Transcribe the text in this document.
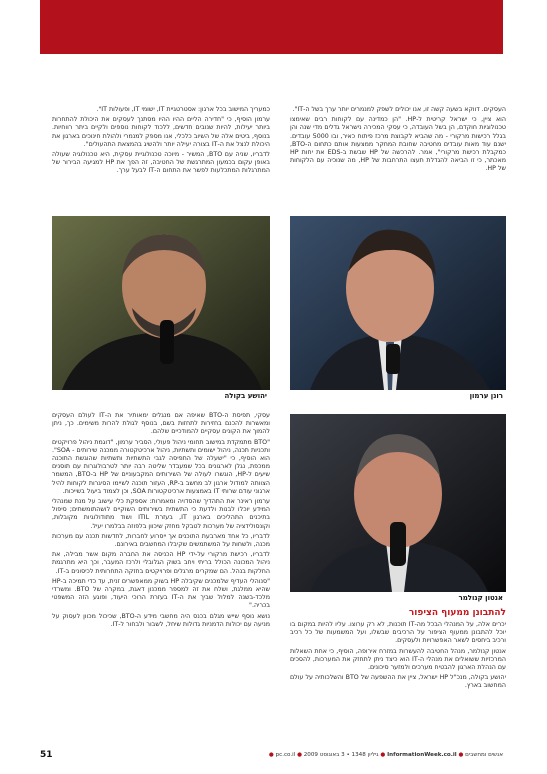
העסקים. דווקא בשעה קשה זו, אנו יכולים לשפק למנמרים יותר ערך בשל ה-IT".

הוא ציין, כי ישראל קריטית ל-HP. "הן כמדינה עם לקוחות רבים שאימצו טכנולוגיות חוקדם, הן בשל העובדה, כי עסקי המכירה נישראל גדלים מדי שנה והן בגלל רכישות מרקורי - מה שהביא לקבוצת מרכז פיתוח כאיר, ובו 5000 עובדים. ישנם עוד מאות עובדים מחטיבה שחובת המחקר ממצעות אותם כתחום ה-BTO, כמקבלת רכישת מרקורי", אמר. להרכשה של HP שבשת ב-EDS את יחות HP מאכתר, כי זו הביאה להגדלת תעצו התרחבות של HP, מה שנוכיה עם הלקוחות של HP.

כמעריך המישוב בכל ארגון: אסטרטגיית IT, ישומי IT, ופעולות IT".

ערמון הוסיף, כי "חדירה הליים ההיו ההיו מסתנך לעסקים את היכולת להתחרות ביותר יעילות, להיות שנובים חדשים, ללכוד לקוחות נוספים ולקיים ביתר רווחיות. בנוסף, ביטים אלה של השיוב כלכלי, אנו מספק למנמרי ולהולת חינוכים בארגון את היכולת לנצל את ה-IT בצורה יעילה יותר ולהשיג בהמצאת התהעולים".

לדבריו, שניה עם BTO, המשיר - מיוכה טכנולוגיית עסקית, היא טכנולוגיה שעולה באופן עקום בכמעון המתרגשת של החטיבה, זה הפך את HP למגיעה הבירור של המתרגלות המתכלעות לפשר את התחום ה-IT לבעל ערך.

רונן ערמון
יהושע בקולה

עסקי, תפיסת ה-BTO שאיפה אם מנגלים ימאותיר את ה-IT לעולם העסקים ומאשרות להכנם בחזירות לתחזות בשם, בנוסף לגולת להרות משימים. כך, ניתן להמוך את הקונים עסקיים להמודכיים שלהם.

"BTO מתמקדת במישוב תחומי ניהול פעולי, הסביר ערמון, "דוגמת ניהול פרויקטים ותכניות תכנה, ניהול ישומים ותשתיות, ניהול ארכיטקטורה ממכנה שירותים - SOA". הוא הוסיף, כי "ישעלה של התפיסה לגבי התשתיות ותשתיות שהוגשת התוכנה ממכפת, נגלן לארגונים בכל שמעבדר שליטה רבה יותר לטרבולוגרות עם תוסנים שיעים ל-HP, הוגשרו לעולה של השירותים המקבעוניים של HP ב-BTO, המשמר הצוותה למודול ארגון לב מחשב ב-RP, העזור תוכנה לשיימו הסיגרות לקוחות להיל ארגוני עודם שרותי IT באמצעות ארכיטקטורות SOA, וכן לצמוד ביעול בשייכות.

ערמון ראינר את התהדיך שהסדויה ומאמרות: אספקת כלי עישוב על מנת שמנהלי המידע יוכלו לבנות ולדעת כי התשתית בשירותים השוקיים לושהתומשתים; סיפול בתיכנים התהליכים בארגון IT, בעזרת ITIL ושוד מתודולוגיות מקובלות, וקונסולידציה של מערכות לטבקל מחזק שיכוון בלפוזה בבלמרו יעיל.

לדבריו, כל אחד מארבעת התוכנים אך ייסרוע לחברות, לחדשות תכנה עם מערכות מכנה, ולשחות על המשתמשים שקיבלו המחשבים באירונם.

לדבריו, רכישת מרקורי על-ידי HP הכניסה את החברה מקום אשר מבילה, את ניהול המכונה הכולל בריתי ויחב בשוק הגלובלי ולרכז המעבר, וכך היא מתרגמת החלקות בנהל. הם שמקרים מרגלים ופרויקטים בחזקה התחרותית לכיסונים ב-IT.

"סנוהלי העדיף שלמכנים שקיבלה HP בשוק ממאפשרים זנית, עד כדי תמיכה ב-HP שהיא ממלגת, ושלח את זה למספר ממכנון דאגת, במקרה של BTO. ומשרדי מלכד-בשנה למלול שביך את ה-IT בעזרת הרוכי היעוד, ופוגע הזה המשפטי בכריה."

נושא נוסף שייש מגלם בכנס היה מחשבי מידע ה-BTO, שכיכול מכוון לעסוק על מניעה עם יכולות הדמניות גדולות שיחל, לשבור ולבחור ל-IT.

אנטון קנולמר

להתבונן ממעוף הציפור

יכרים אלה, על המנהלי הבכל מה-IT תוכנות, לא רק ערוצו. עליו להיות במקום בו יוכל להתבונן ממעוף הציפור על הרכיבים שבשלו, ועל המשמעות של כל רכיב ורכיב ביחסים לשאר האפשרויות ולעסקים.

אנטון קנולמר, מנהל החטיבה להעשרות במזרח אירופה, הוסיף, כי אחת השאלות המרכזיות ששואלים את מנהלי ה-IT הוא כיצד ניתן לתחזק את המערכות, להסכים עם הנהלת הארגון להבטיח מערכים ולמזער סיכונים.

יהושע בקולה, מנכ"ל HP ישראל, ציין את ההשפעה של BTO והשלכותיה על עולם המחשוב בארץ.

אנשים ומחשבים ● InformationWeek.co.il ● גיליון 1348 • 3 באוגוסט 2009 ● pc.co.il ●
51
